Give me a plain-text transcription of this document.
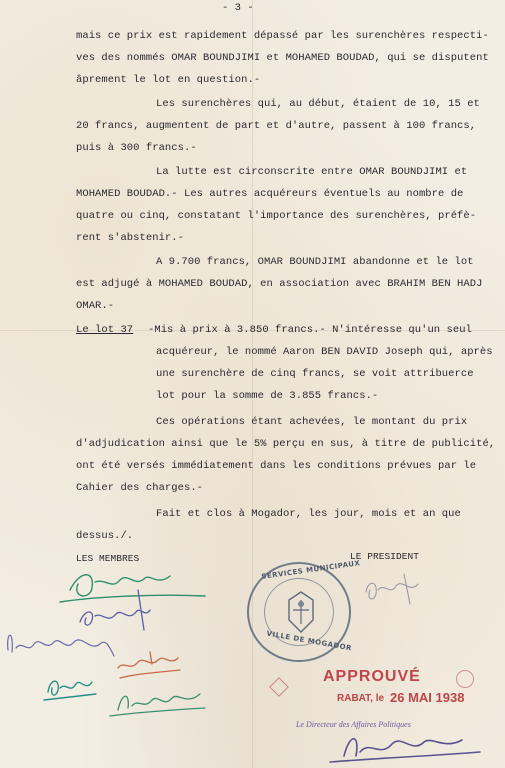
- 3 -
mais ce prix est rapidement dépassé par les surenchères respecti-
ves des nommés OMAR BOUNDJIMI et MOHAMED BOUDAD, qui se disputent
âprement le lot en question.-
Les surenchères qui, au début, étaient de 10, 15 et
20 francs, augmentent de part et d'autre, passent à 100 francs,
puis à 300 francs.-
La lutte est circonscrite entre OMAR BOUNDJIMI et
MOHAMED BOUDAD.- Les autres acquéreurs éventuels au nombre de
quatre ou cinq, constatant l'importance des surenchères, préfè-
rent s'abstenir.-
A 9.700 francs, OMAR BOUNDJIMI abandonne et le lot
est adjugé à MOHAMED BOUDAD, en association avec BRAHIM BEN HADJ
OMAR.-
Le lot 37 -Mis à prix à 3.850 francs.- N'intéresse qu'un seul
acquéreur, le nommé Aaron BEN DAVID Joseph qui, après
une surenchère de cinq francs, se voit attribuerce
lot pour la somme de 3.855 francs.-
Ces opérations étant achevées, le montant du prix
d'adjudication ainsi que le 5% perçu en sus, à titre de publicité,
ont été versés immédiatement dans les conditions prévues par le
Cahier des charges.-
Fait et clos à Mogador, les jour, mois et an que
dessus./.
LES MEMBRES	LE PRESIDENT
SERVICES MUNICIPAUX
VILLE DE MOGADOR
APPROUVÉ
RABAT, le 26 MAI 1938
Le Directeur des Affaires Politiques
